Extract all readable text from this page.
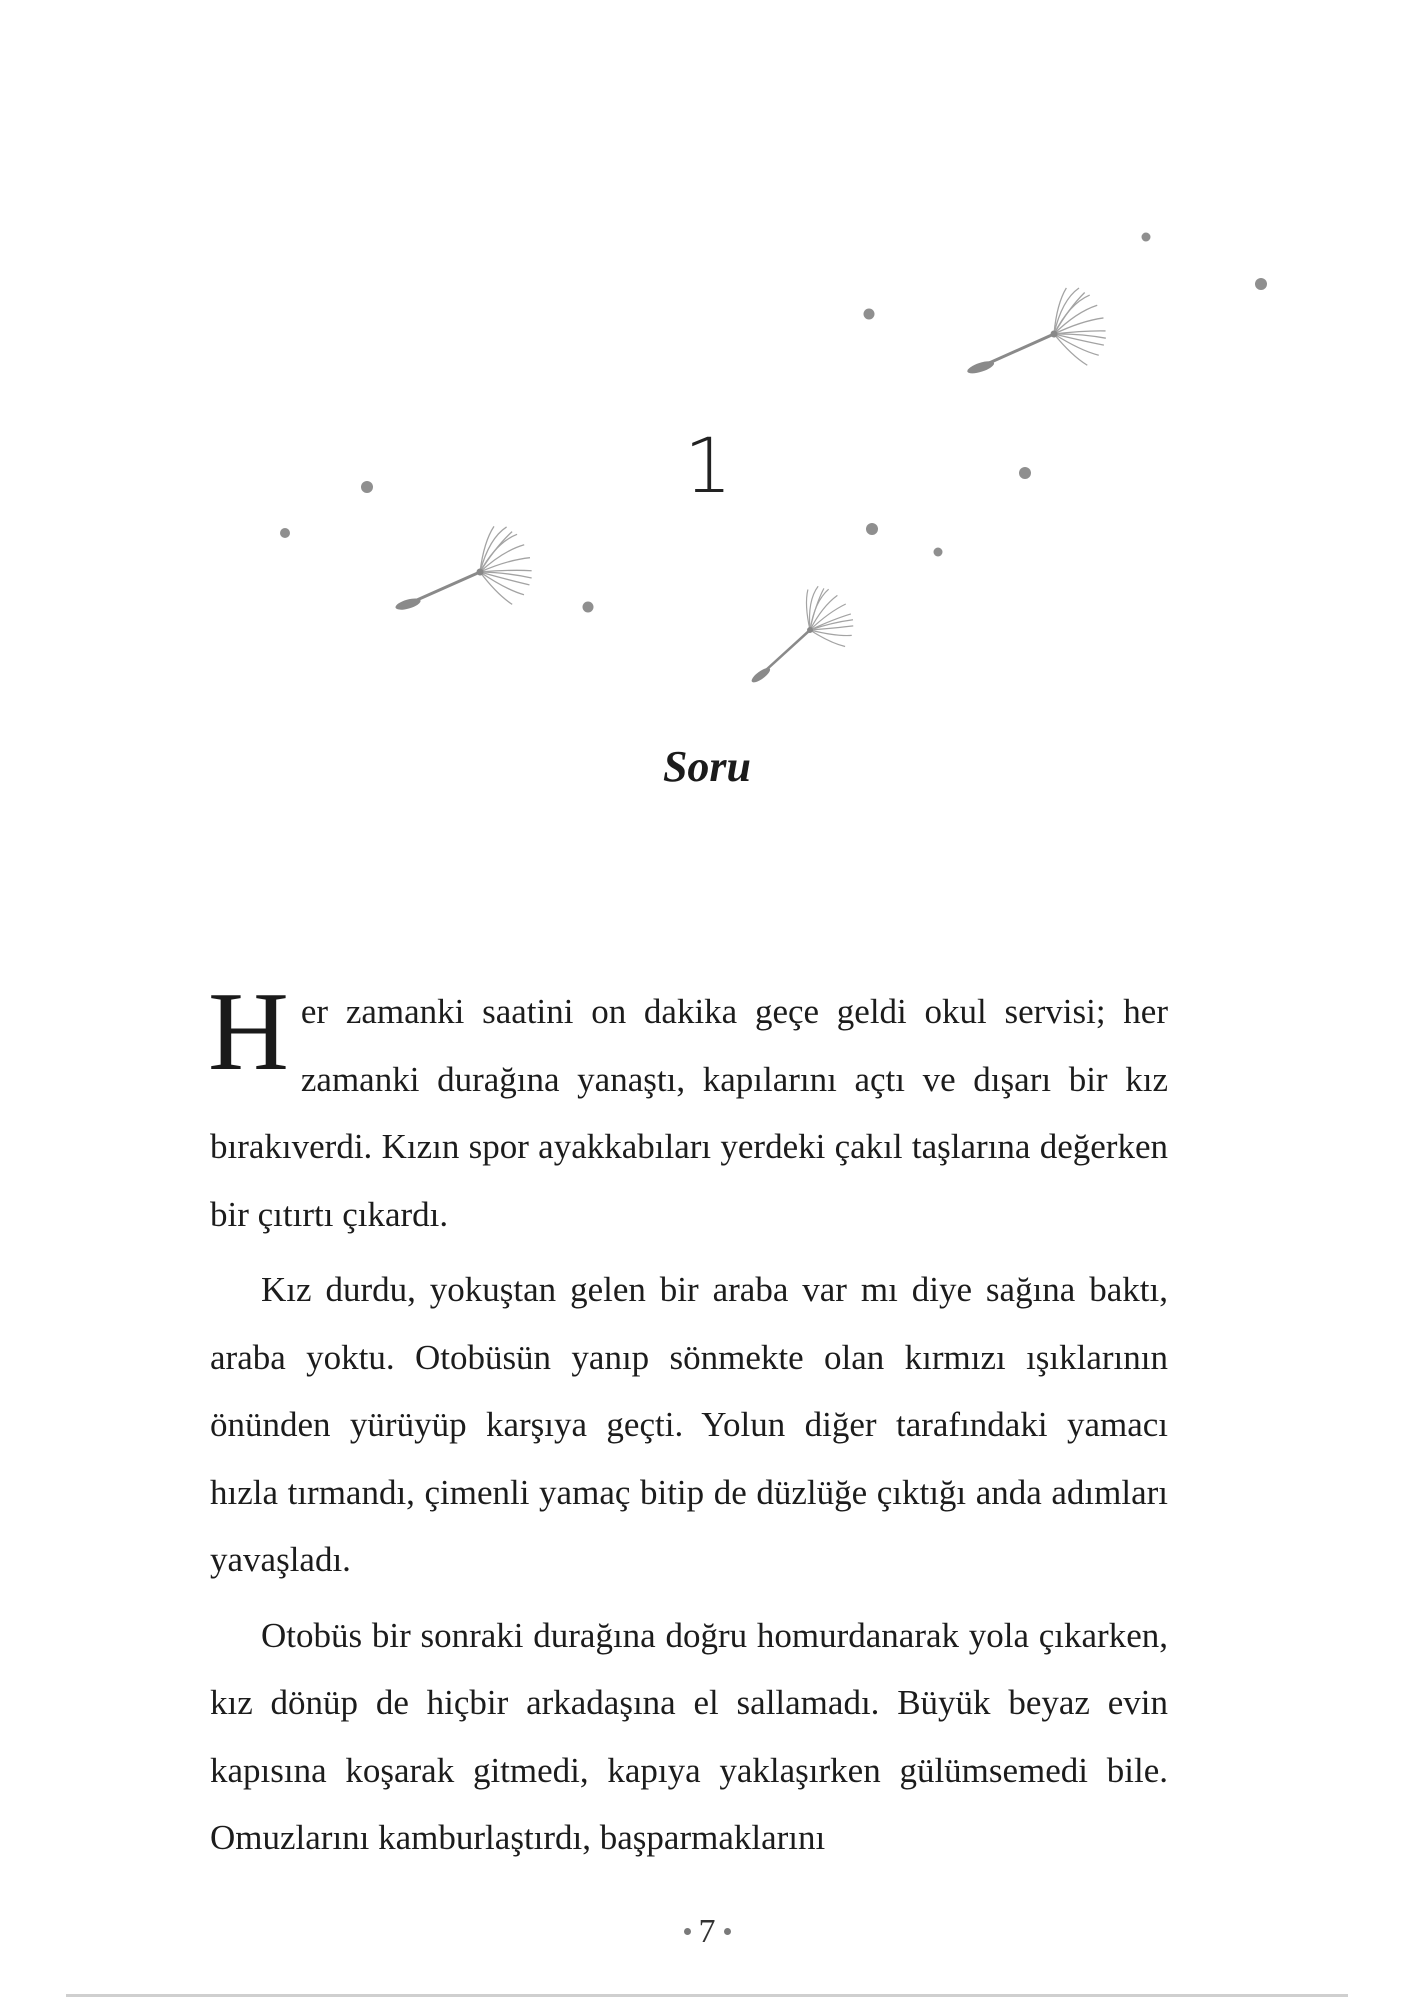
1
Soru

Her zamanki saatini on dakika geçe geldi okul servisi; her zamanki durağına yanaştı, kapılarını açtı ve dışarı bir kız bırakıverdi. Kızın spor ayakkabıları yerdeki çakıl taşlarına değerken bir çıtırtı çıkardı.

Kız durdu, yokuştan gelen bir araba var mı diye sağına baktı, araba yoktu. Otobüsün yanıp sönmekte olan kırmızı ışıklarının önünden yürüyüp karşıya geçti. Yolun diğer tarafındaki yamacı hızla tırmandı, çimenli yamaç bitip de düzlüğe çıktığı anda adımları yavaşladı.

Otobüs bir sonraki durağına doğru homurdanarak yola çıkarken, kız dönüp de hiçbir arkadaşına el sallamadı. Büyük beyaz evin kapısına koşarak gitmedi, kapıya yaklaşırken gülümsemedi bile. Omuzlarını kamburlaştırdı, başparmaklarını

7
